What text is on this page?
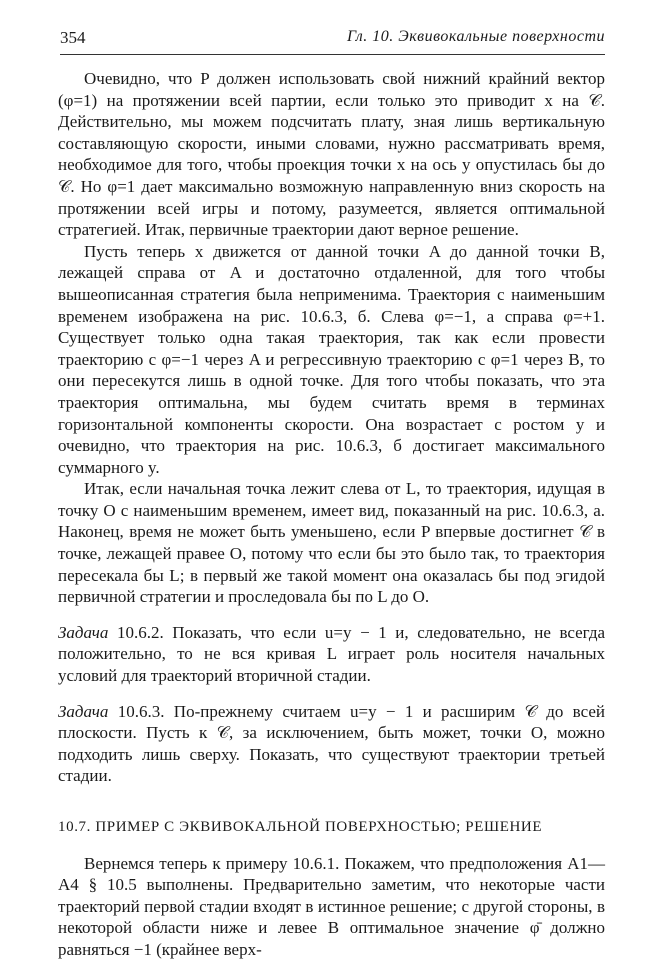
354	Гл. 10. Эквивокальные поверхности

Очевидно, что P должен использовать свой нижний крайний вектор (φ=1) на протяжении всей партии, если только это приводит x на 𝒞. Действительно, мы можем подсчитать плату, зная лишь вертикальную составляющую скорости, иными словами, нужно рассматривать время, необходимое для того, чтобы проекция точки x на ось y опустилась бы до 𝒞. Но φ=1 дает максимально возможную направленную вниз скорость на протяжении всей игры и потому, разумеется, является оптимальной стратегией. Итак, первичные траектории дают верное решение.

Пусть теперь x движется от данной точки A до данной точки B, лежащей справа от A и достаточно отдаленной, для того чтобы вышеописанная стратегия была неприменима. Траектория с наименьшим временем изображена на рис. 10.6.3, б. Слева φ=−1, а справа φ=+1. Существует только одна такая траектория, так как если провести траекторию с φ=−1 через A и регрессивную траекторию с φ=1 через B, то они пересекутся лишь в одной точке. Для того чтобы показать, что эта траектория оптимальна, мы будем считать время в терминах горизонтальной компоненты скорости. Она возрастает с ростом y и очевидно, что траектория на рис. 10.6.3, б достигает максимального суммарного y.

Итак, если начальная точка лежит слева от L, то траектория, идущая в точку O с наименьшим временем, имеет вид, показанный на рис. 10.6.3, а. Наконец, время не может быть уменьшено, если P впервые достигнет 𝒞 в точке, лежащей правее O, потому что если бы это было так, то траектория пересекала бы L; в первый же такой момент она оказалась бы под эгидой первичной стратегии и проследовала бы по L до O.

Задача 10.6.2. Показать, что если u=y − 1 и, следовательно, не всегда положительно, то не вся кривая L играет роль носителя начальных условий для траекторий вторичной стадии.

Задача 10.6.3. По-прежнему считаем u=y − 1 и расширим 𝒞 до всей плоскости. Пусть к 𝒞, за исключением, быть может, точки O, можно подходить лишь сверху. Показать, что существуют траектории третьей стадии.

10.7. ПРИМЕР С ЭКВИВОКАЛЬНОЙ ПОВЕРХНОСТЬЮ; РЕШЕНИЕ

Вернемся теперь к примеру 10.6.1. Покажем, что предположения A1—A4 § 10.5 выполнены. Предварительно заметим, что некоторые части траекторий первой стадии входят в истинное решение; с другой стороны, в некоторой области ниже и левее B оптимальное значение φ̄ должно равняться −1 (крайнее верх-
